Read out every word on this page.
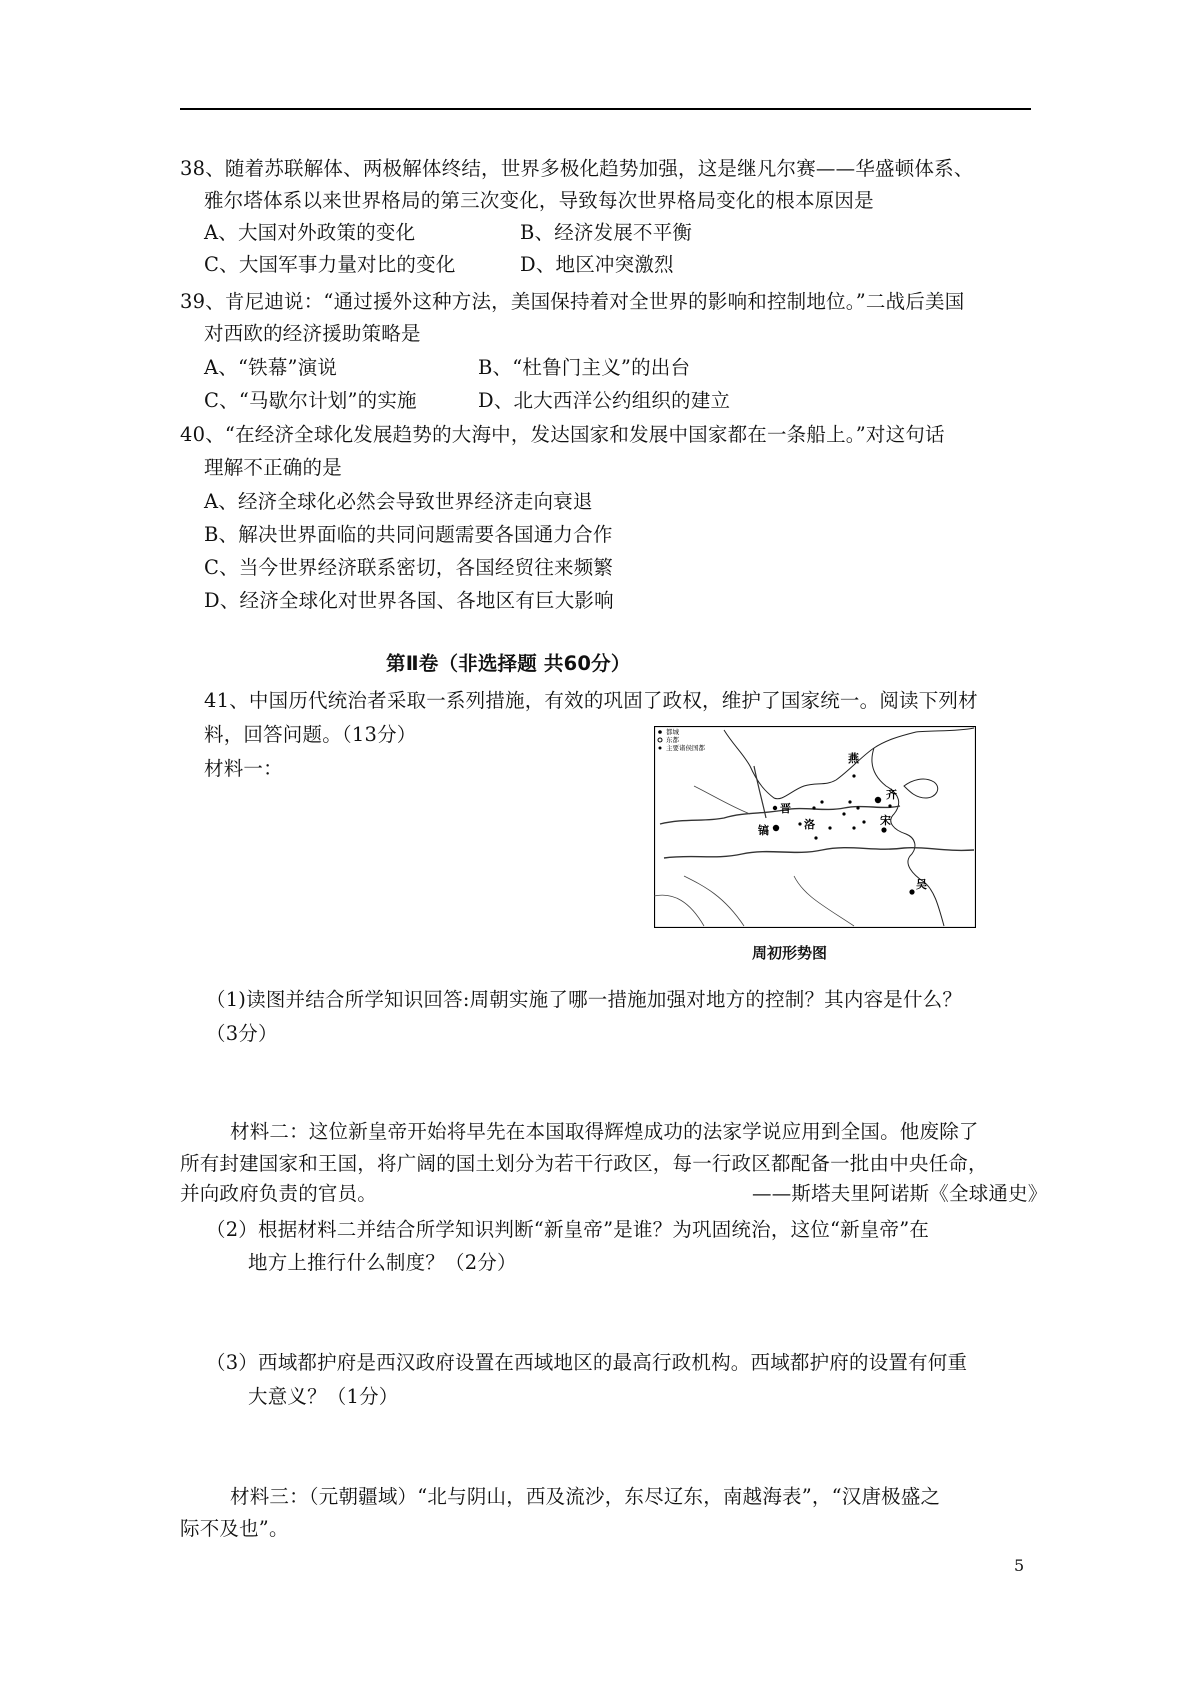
38、随着苏联解体、两极解体终结，世界多极化趋势加强，这是继凡尔赛——华盛顿体系、
雅尔塔体系以来世界格局的第三次变化，导致每次世界格局变化的根本原因是
A、大国对外政策的变化	B、经济发展不平衡
C、大国军事力量对比的变化	D、地区冲突激烈
39、肯尼迪说：“通过援外这种方法，美国保持着对全世界的影响和控制地位。”二战后美国
对西欧的经济援助策略是
A、“铁幕”演说	B、“杜鲁门主义”的出台
C、“马歇尔计划”的实施	D、北大西洋公约组织的建立
40、“在经济全球化发展趋势的大海中，发达国家和发展中国家都在一条船上。”对这句话
理解不正确的是
A、经济全球化必然会导致世界经济走向衰退
B、解决世界面临的共同问题需要各国通力合作
C、当今世界经济联系密切，各国经贸往来频繁
D、经济全球化对世界各国、各地区有巨大影响
第Ⅱ卷（非选择题 共60分）
41、中国历代统治者采取一系列措施，有效的巩固了政权，维护了国家统一。阅读下列材
料，回答问题。（13分）
材料一：
都城
东都
主要诸侯国都
燕
晋
齐
镐	洛	宋
吴
周初形势图
（1)读图并结合所学知识回答:周朝实施了哪一措施加强对地方的控制？其内容是什么？
（3分）
材料二：这位新皇帝开始将早先在本国取得辉煌成功的法家学说应用到全国。他废除了
所有封建国家和王国，将广阔的国土划分为若干行政区，每一行政区都配备一批由中央任命，
并向政府负责的官员。	——斯塔夫里阿诺斯《全球通史》
（2）根据材料二并结合所学知识判断“新皇帝”是谁？为巩固统治，这位“新皇帝”在
地方上推行什么制度？（2分）
（3）西域都护府是西汉政府设置在西域地区的最高行政机构。西域都护府的设置有何重
大意义？（1分）
材料三：（元朝疆域）“北与阴山，西及流沙，东尽辽东，南越海表”，“汉唐极盛之
际不及也”。
5
